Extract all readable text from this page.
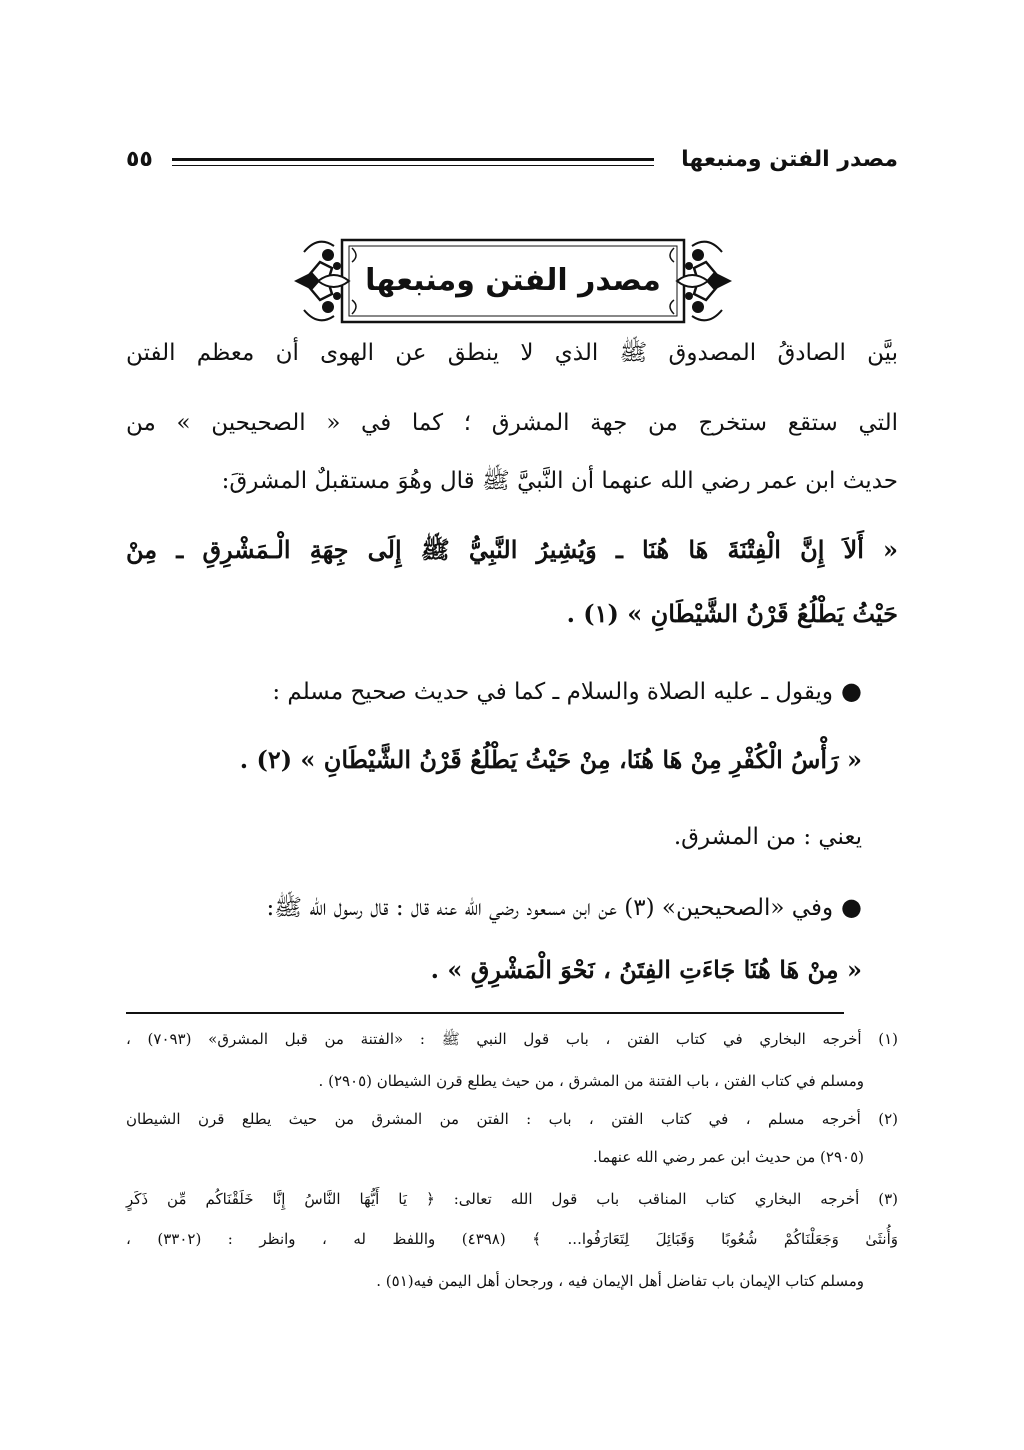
مصدر الفتن ومنبعها
٥٥
مصدر الفتن ومنبعها
بيَّن الصادقُ المصدوق ﷺ الذي لا ينطق عن الهوى أن معظم الفتن
التي ستقع ستخرج من جهة المشرق ؛ كما في « الصحيحين » من
حديث ابن عمر رضي الله عنهما أن النَّبيَّ ﷺ قال وهُوَ مستقبلٌ المشرقَ:
« أَلاَ إِنَّ الْفِتْنَةَ هَا هُنَا ـ وَيُشِيرُ النَّبِيُّ ﷺ إِلَى جِهَةِ الْـمَشْرِقِ ـ مِنْ
حَيْثُ يَطْلُعُ قَرْنُ الشَّيْطَانِ » (١) .
●ويقول ـ عليه الصلاة والسلام ـ كما في حديث صحيح مسلم :
« رَأْسُ الْكُفْرِ مِنْ هَا هُنَا، مِنْ حَيْثُ يَطْلُعُ قَرْنُ الشَّيْطَانِ » (٢) .
يعني : من المشرق.
●وفي «الصحيحين» (٣) عن ابن مسعود رضي الله عنه قال : قال رسول الله ﷺ:
« مِنْ هَا هُنَا جَاءَتِ الفِتَنُ ، نَحْوَ الْمَشْرِقِ » .
(١) أخرجه البخاري في كتاب الفتن ، باب قول النبي ﷺ : «الفتنة من قبل المشرق» (٧٠٩٣) ،
ومسلم في كتاب الفتن ، باب الفتنة من المشرق ، من حيث يطلع قرن الشيطان (٢٩٠٥) .
(٢) أخرجه مسلم ، في كتاب الفتن ، باب : الفتن من المشرق من حيث يطلع قرن الشيطان
(٢٩٠٥) من حديث ابن عمر رضي الله عنهما.
(٣) أخرجه البخاري كتاب المناقب باب قول الله تعالى: ﴿ يَا أَيُّهَا النَّاسُ إِنَّا خَلَقْنَاكُم مِّن ذَكَرٍ
وَأُنثَىٰ وَجَعَلْنَاكُمْ شُعُوبًا وَقَبَائِلَ لِتَعَارَفُوا... ﴾ (٤٣٩٨) واللفظ له ، وانظر : (٣٣٠٢) ،
ومسلم كتاب الإيمان باب تفاضل أهل الإيمان فيه ، ورجحان أهل اليمن فيه(٥١) .
